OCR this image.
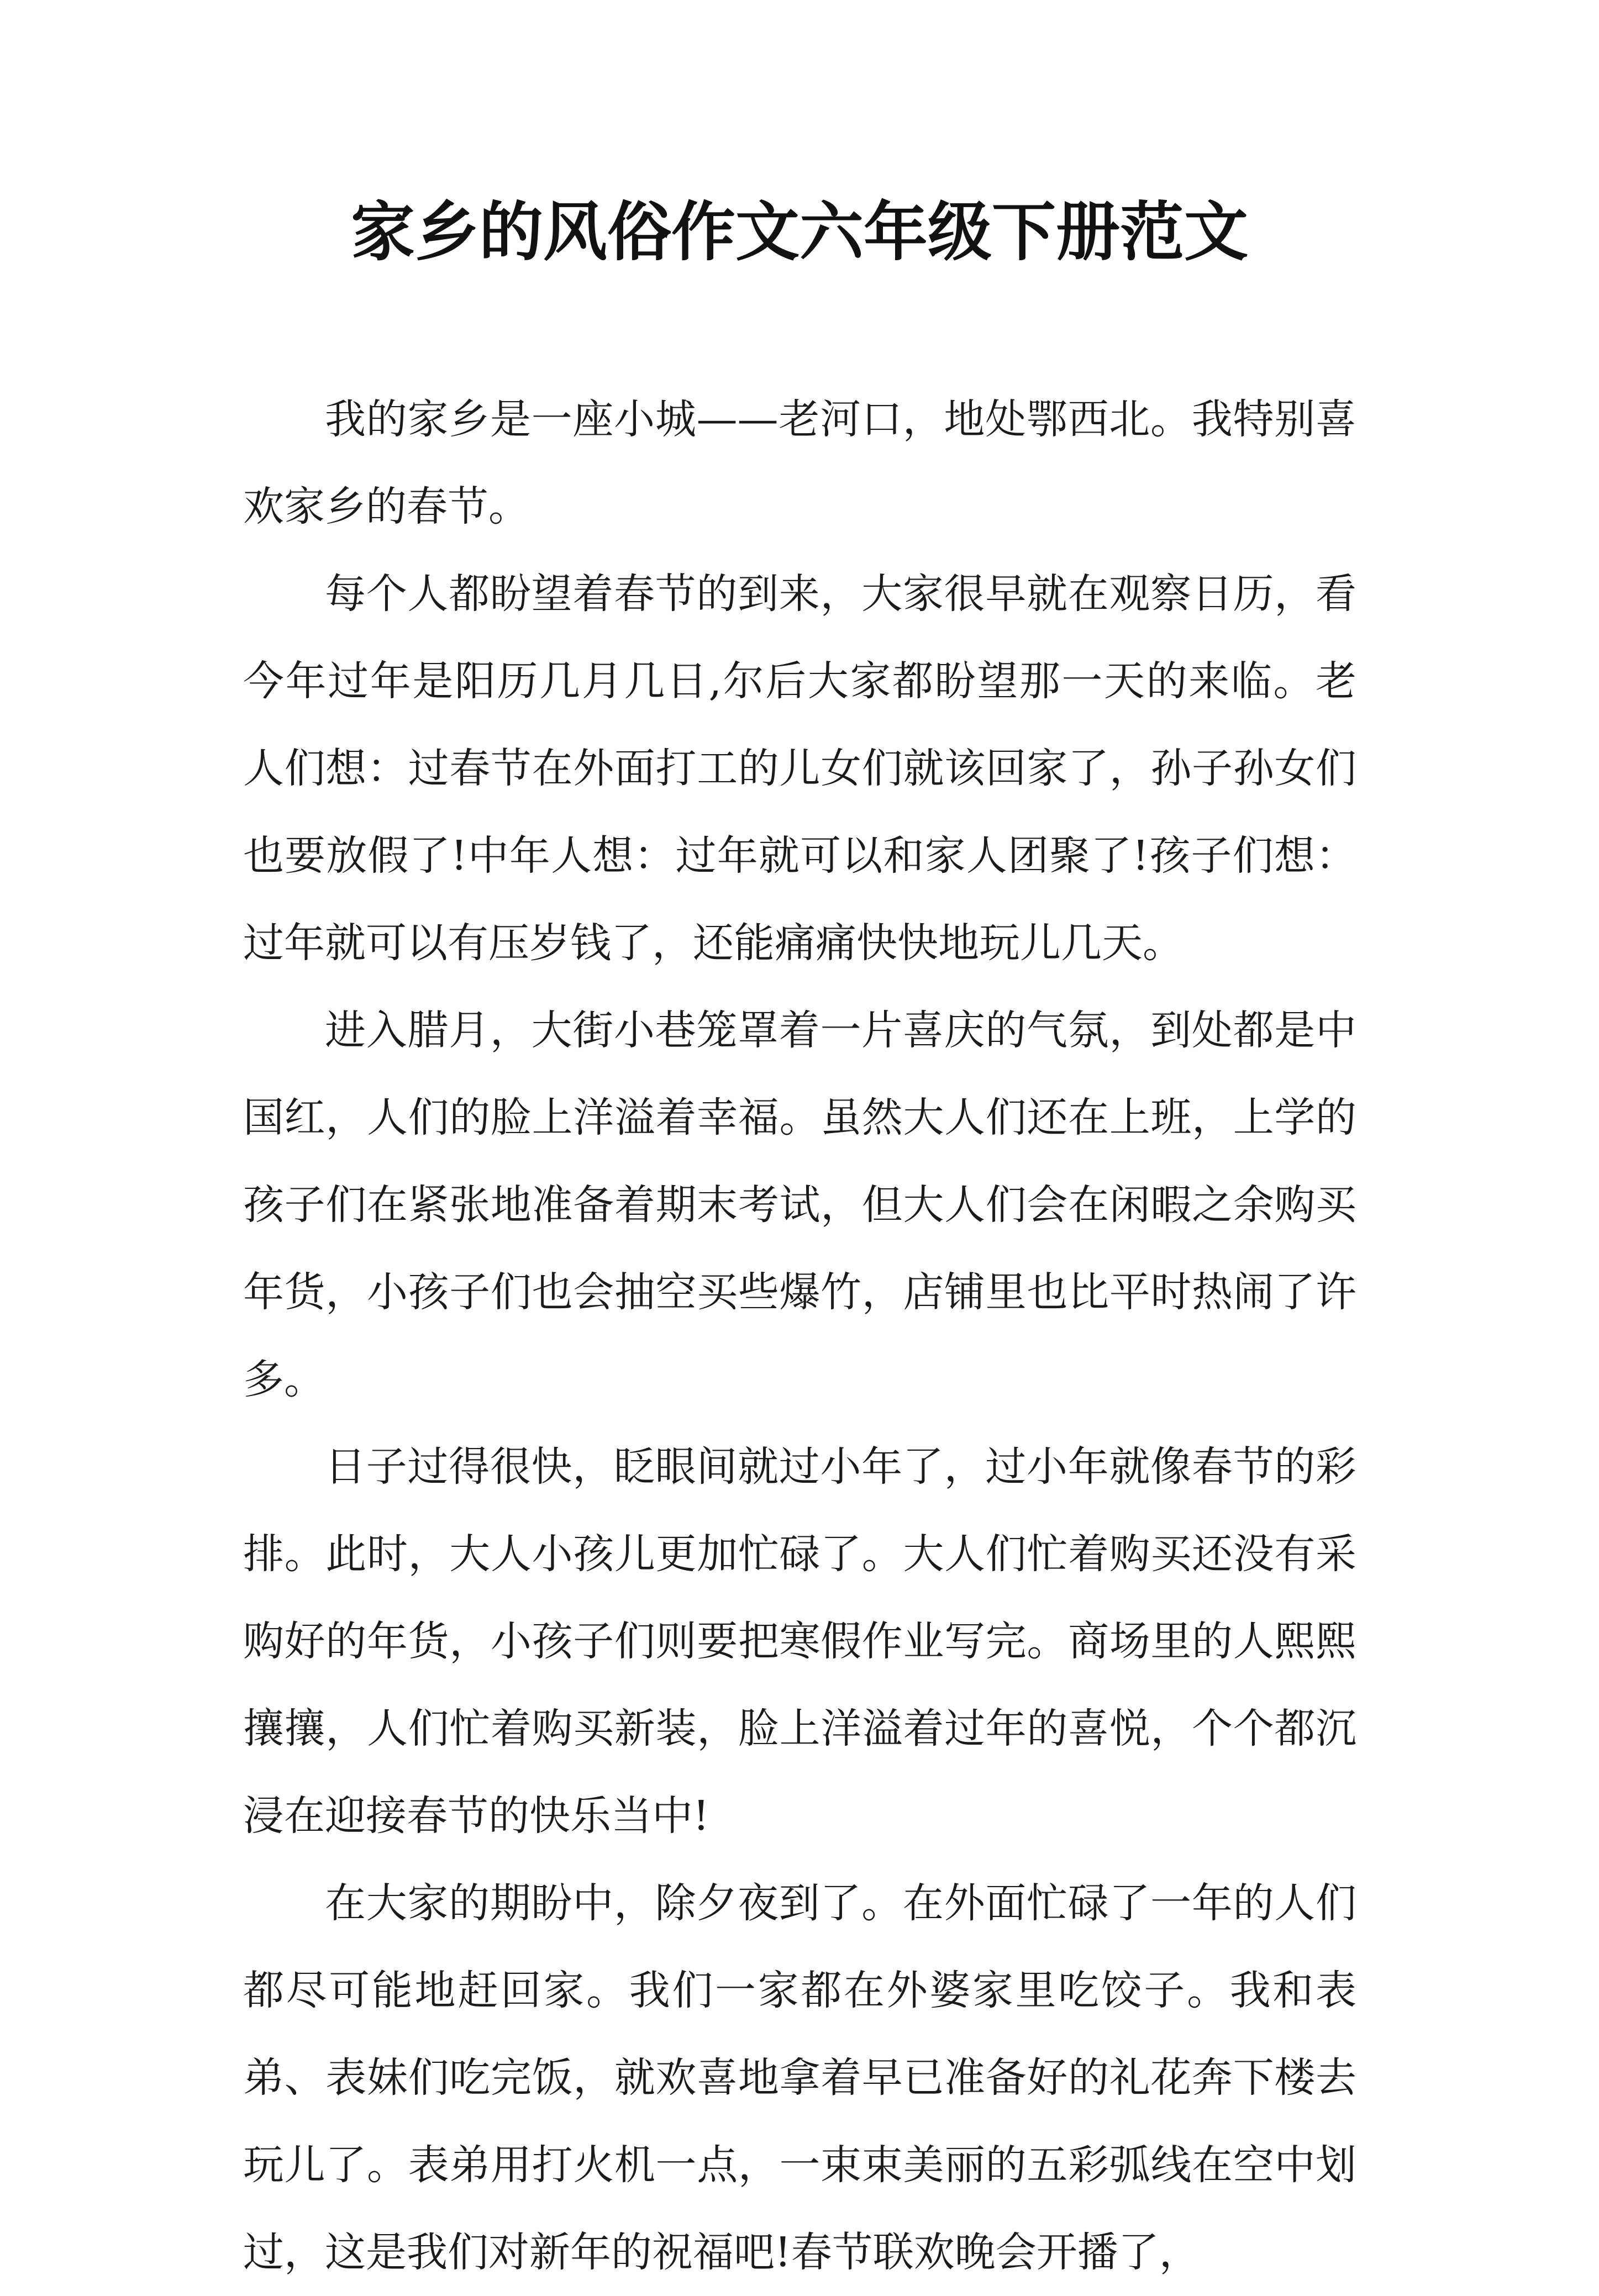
家乡的风俗作文六年级下册范文

我的家乡是一座小城——老河口，地处鄂西北。我特别喜欢家乡的春节。

每个人都盼望着春节的到来，大家很早就在观察日历，看今年过年是阳历几月几日,尔后大家都盼望那一天的来临。老人们想：过春节在外面打工的儿女们就该回家了，孙子孙女们也要放假了!中年人想：过年就可以和家人团聚了!孩子们想：过年就可以有压岁钱了，还能痛痛快快地玩儿几天。

进入腊月，大街小巷笼罩着一片喜庆的气氛，到处都是中国红，人们的脸上洋溢着幸福。虽然大人们还在上班，上学的孩子们在紧张地准备着期末考试，但大人们会在闲暇之余购买年货，小孩子们也会抽空买些爆竹，店铺里也比平时热闹了许多。

日子过得很快，眨眼间就过小年了，过小年就像春节的彩排。此时，大人小孩儿更加忙碌了。大人们忙着购买还没有采购好的年货，小孩子们则要把寒假作业写完。商场里的人熙熙攘攘，人们忙着购买新装，脸上洋溢着过年的喜悦，个个都沉浸在迎接春节的快乐当中!

在大家的期盼中，除夕夜到了。在外面忙碌了一年的人们都尽可能地赶回家。我们一家都在外婆家里吃饺子。我和表弟、表妹们吃完饭，就欢喜地拿着早已准备好的礼花奔下楼去玩儿了。表弟用打火机一点，一束束美丽的五彩弧线在空中划过，这是我们对新年的祝福吧!春节联欢晚会开播了，
